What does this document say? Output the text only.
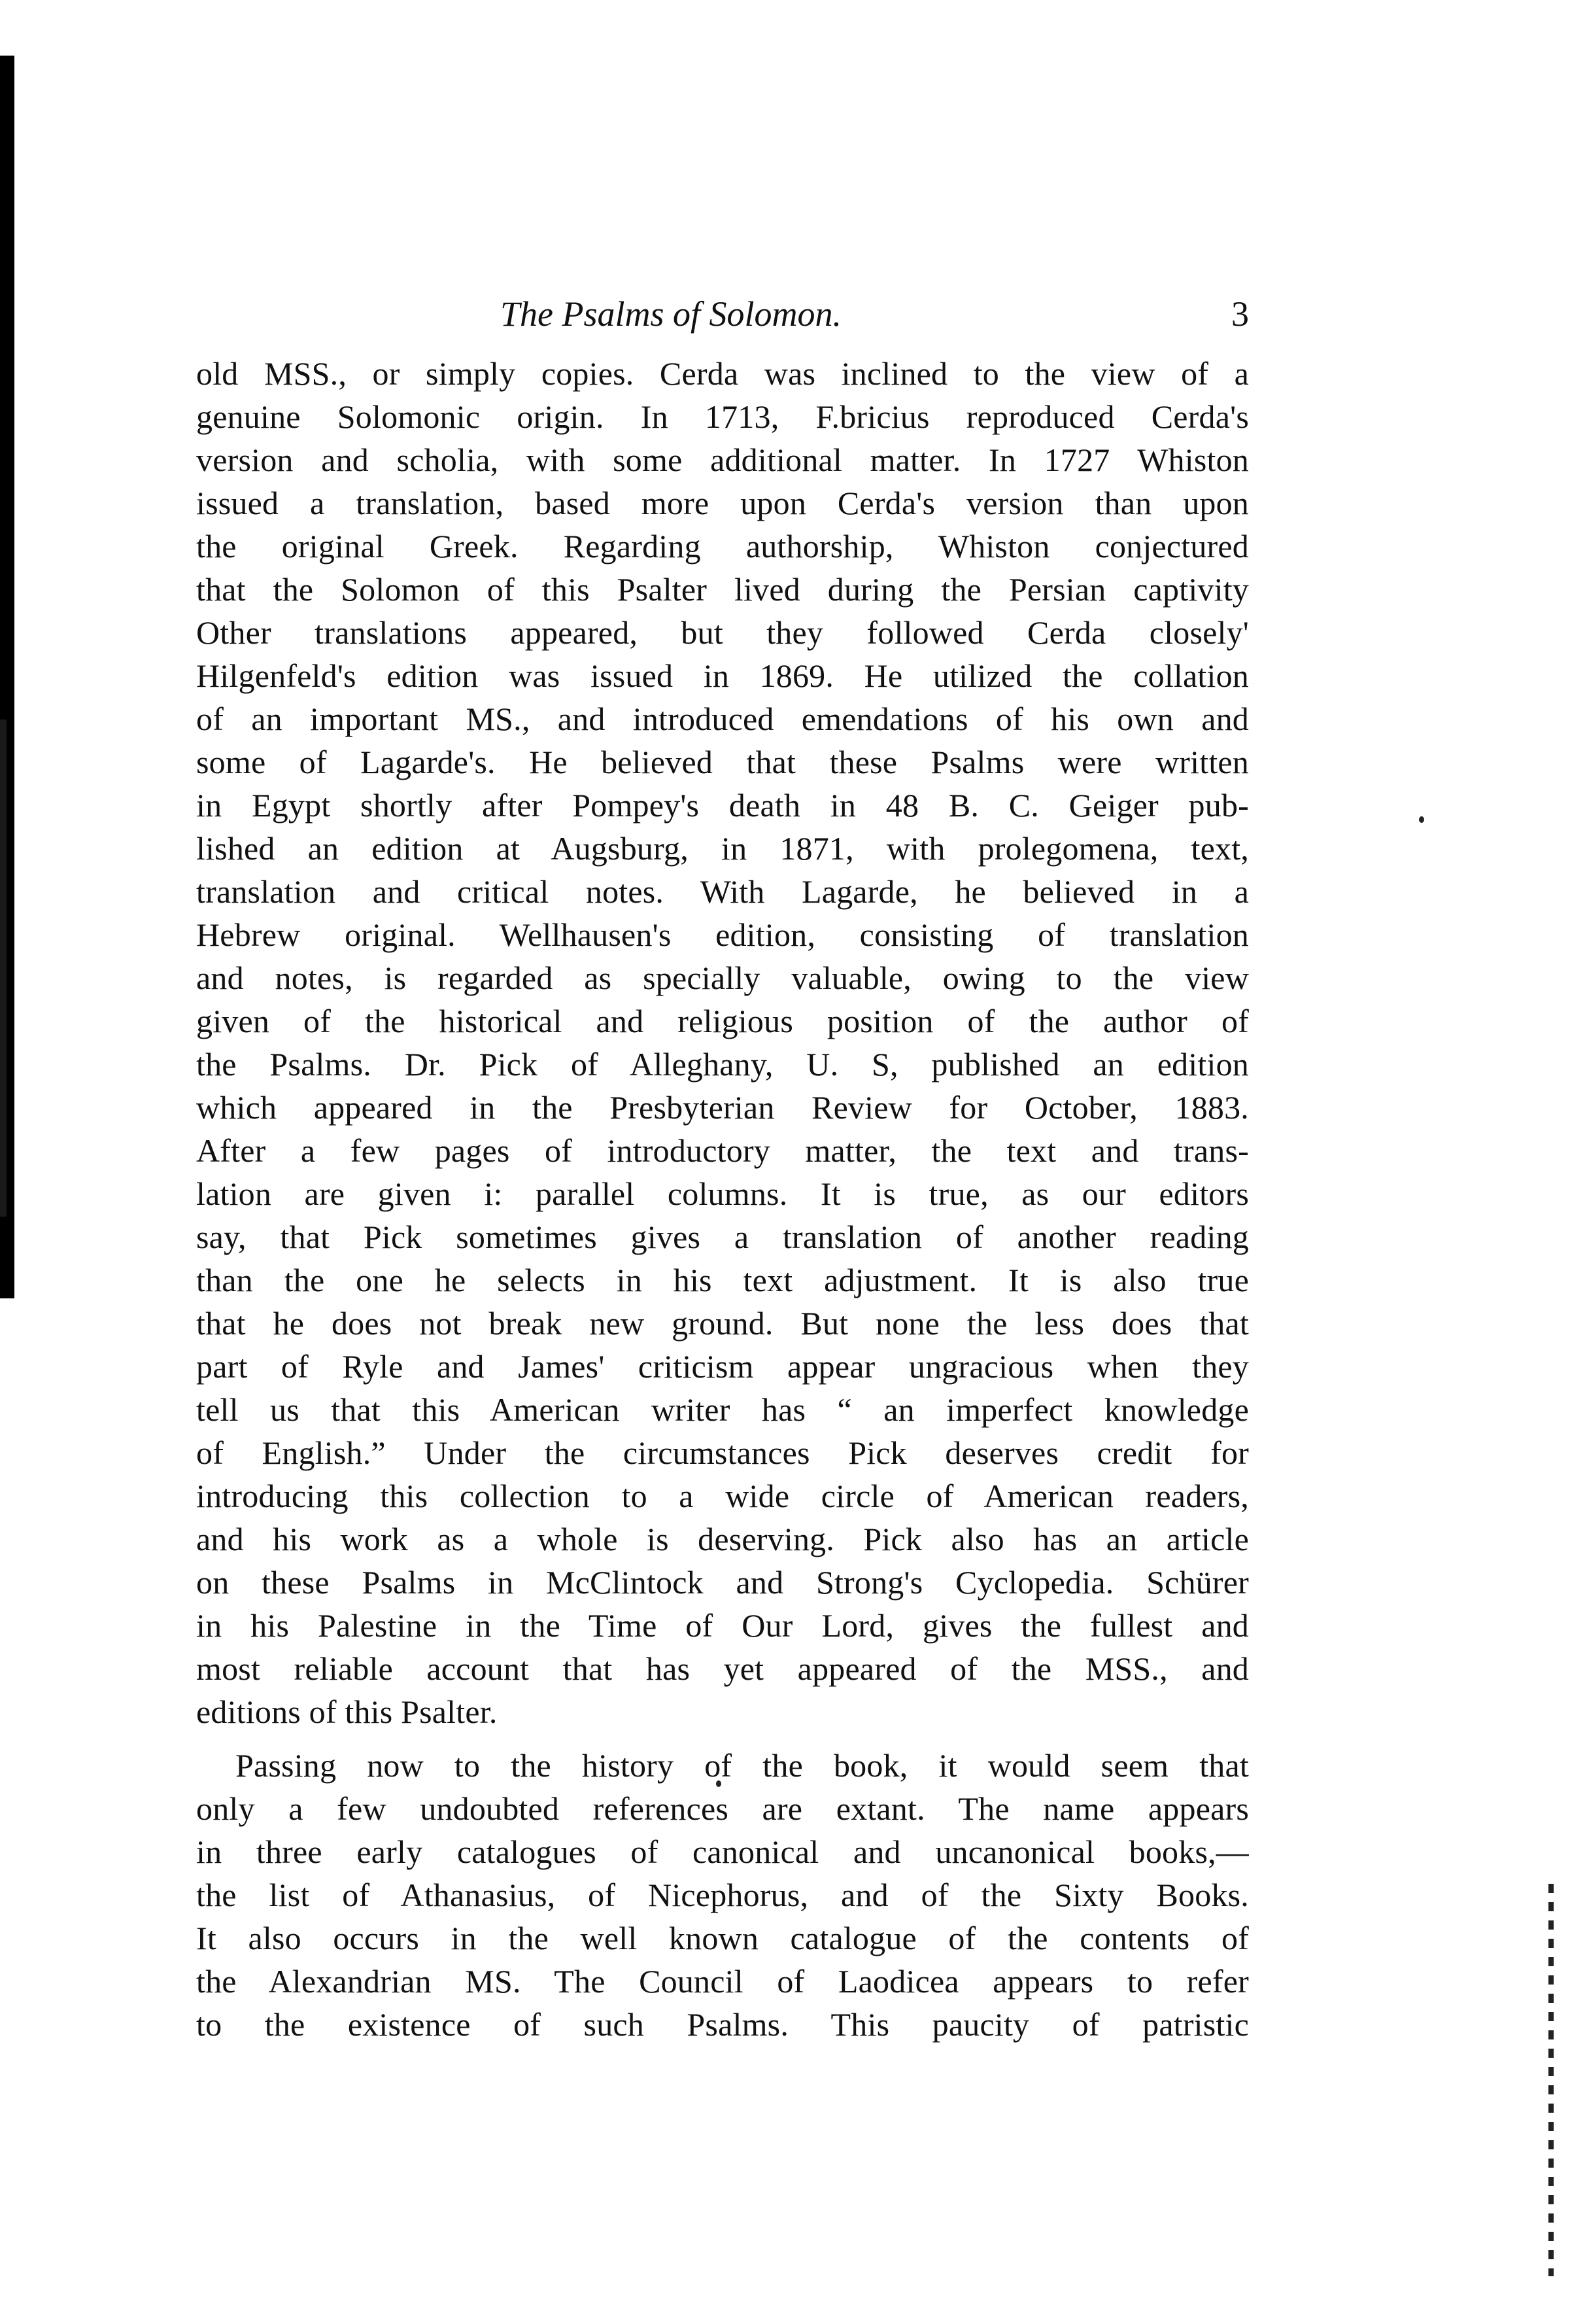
The Psalms of Solomon.	3
old MSS., or simply copies. Cerda was inclined to the view of a
genuine Solomonic origin. In 1713, F.bricius reproduced Cerda's
version and scholia, with some additional matter. In 1727 Whiston
issued a translation, based more upon Cerda's version than upon
the original Greek. Regarding authorship, Whiston conjectured
that the Solomon of this Psalter lived during the Persian captivity
Other translations appeared, but they followed Cerda closely'
Hilgenfeld's edition was issued in 1869. He utilized the collation
of an important MS., and introduced emendations of his own and
some of Lagarde's. He believed that these Psalms were written
in Egypt shortly after Pompey's death in 48 B. C. Geiger pub-
lished an edition at Augsburg, in 1871, with prolegomena, text,
translation and critical notes. With Lagarde, he believed in a
Hebrew original. Wellhausen's edition, consisting of translation
and notes, is regarded as specially valuable, owing to the view
given of the historical and religious position of the author of
the Psalms. Dr. Pick of Alleghany, U. S, published an edition
which appeared in the Presbyterian Review for October, 1883.
After a few pages of introductory matter, the text and trans-
lation are given i: parallel columns. It is true, as our editors
say, that Pick sometimes gives a translation of another reading
than the one he selects in his text adjustment. It is also true
that he does not break new ground. But none the less does that
part of Ryle and James' criticism appear ungracious when they
tell us that this American writer has “ an imperfect knowledge
of English.” Under the circumstances Pick deserves credit for
introducing this collection to a wide circle of American readers,
and his work as a whole is deserving. Pick also has an article
on these Psalms in McClintock and Strong's Cyclopedia. Schürer
in his Palestine in the Time of Our Lord, gives the fullest and
most reliable account that has yet appeared of the MSS., and
editions of this Psalter.
Passing now to the history of the book, it would seem that
only a few undoubted references are extant. The name appears
in three early catalogues of canonical and uncanonical books,—
the list of Athanasius, of Nicephorus, and of the Sixty Books.
It also occurs in the well known catalogue of the contents of
the Alexandrian MS. The Council of Laodicea appears to refer
to the existence of such Psalms. This paucity of patristic
